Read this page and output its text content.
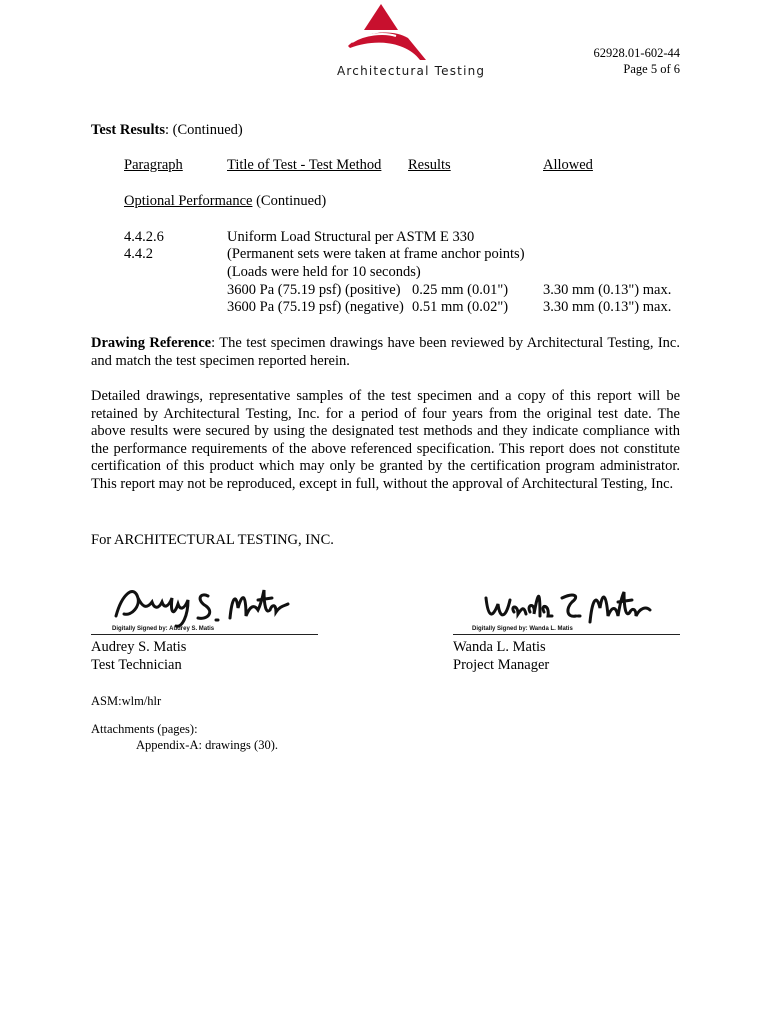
Architectural Testing
62928.01-602-44
Page 5 of 6
Test Results: (Continued)
Paragraph	Title of Test - Test Method Results	Allowed
Optional Performance (Continued)
4.4.2.6
4.4.2
Uniform Load Structural per ASTM E 330
(Permanent sets were taken at frame anchor points)
(Loads were held for 10 seconds)
3600 Pa (75.19 psf) (positive) 0.25 mm (0.01") 3.30 mm (0.13") max.
3600 Pa (75.19 psf) (negative) 0.51 mm (0.02") 3.30 mm (0.13") max.
Drawing Reference: The test specimen drawings have been reviewed by Architectural Testing, Inc. and match the test specimen reported herein.
Detailed drawings, representative samples of the test specimen and a copy of this report will be retained by Architectural Testing, Inc. for a period of four years from the original test date. The above results were secured by using the designated test methods and they indicate compliance with the performance requirements of the above referenced specification. This report does not constitute certification of this product which may only be granted by the certification program administrator. This report may not be reproduced, except in full, without the approval of Architectural Testing, Inc.
For ARCHITECTURAL TESTING, INC.
Digitally Signed by: Audrey S. Matis
Audrey S. Matis
Test Technician
Digitally Signed by: Wanda L. Matis
Wanda L. Matis
Project Manager
ASM:wlm/hlr
Attachments (pages):
Appendix-A: drawings (30).
